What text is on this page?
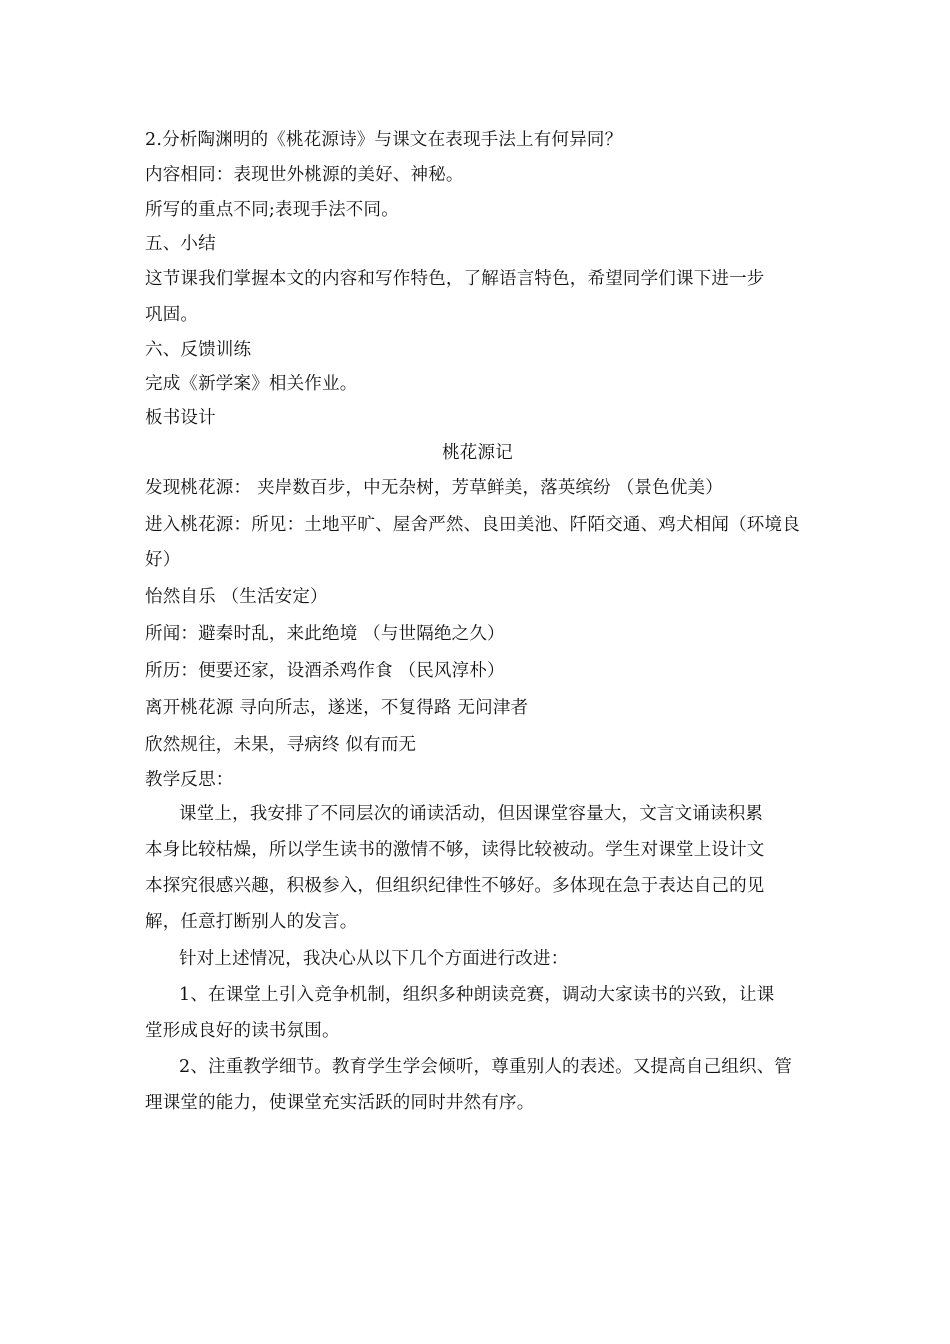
2.分析陶渊明的《桃花源诗》与课文在表现手法上有何异同？
内容相同：表现世外桃源的美好、神秘。
所写的重点不同;表现手法不同。
五、小结
这节课我们掌握本文的内容和写作特色，了解语言特色，希望同学们课下进一步
巩固。
六、反馈训练
完成《新学案》相关作业。
板书设计
桃花源记
发现桃花源： 夹岸数百步，中无杂树，芳草鲜美，落英缤纷 （景色优美）
进入桃花源：所见：土地平旷、屋舍严然、良田美池、阡陌交通、鸡犬相闻（环境良
好）
怡然自乐 （生活安定）
所闻：避秦时乱，来此绝境 （与世隔绝之久）
所历：便要还家，设酒杀鸡作食 （民风淳朴）
离开桃花源 寻向所志，遂迷，不复得路 无问津者
欣然规往，未果，寻病终 似有而无
教学反思：
课堂上，我安排了不同层次的诵读活动，但因课堂容量大，文言文诵读积累
本身比较枯燥，所以学生读书的激情不够，读得比较被动。学生对课堂上设计文
本探究很感兴趣，积极参入，但组织纪律性不够好。多体现在急于表达自己的见
解，任意打断别人的发言。
针对上述情况，我决心从以下几个方面进行改进：
1、在课堂上引入竞争机制，组织多种朗读竞赛，调动大家读书的兴致，让课
堂形成良好的读书氛围。
2、注重教学细节。教育学生学会倾听，尊重别人的表述。又提高自己组织、管
理课堂的能力，使课堂充实活跃的同时井然有序。
